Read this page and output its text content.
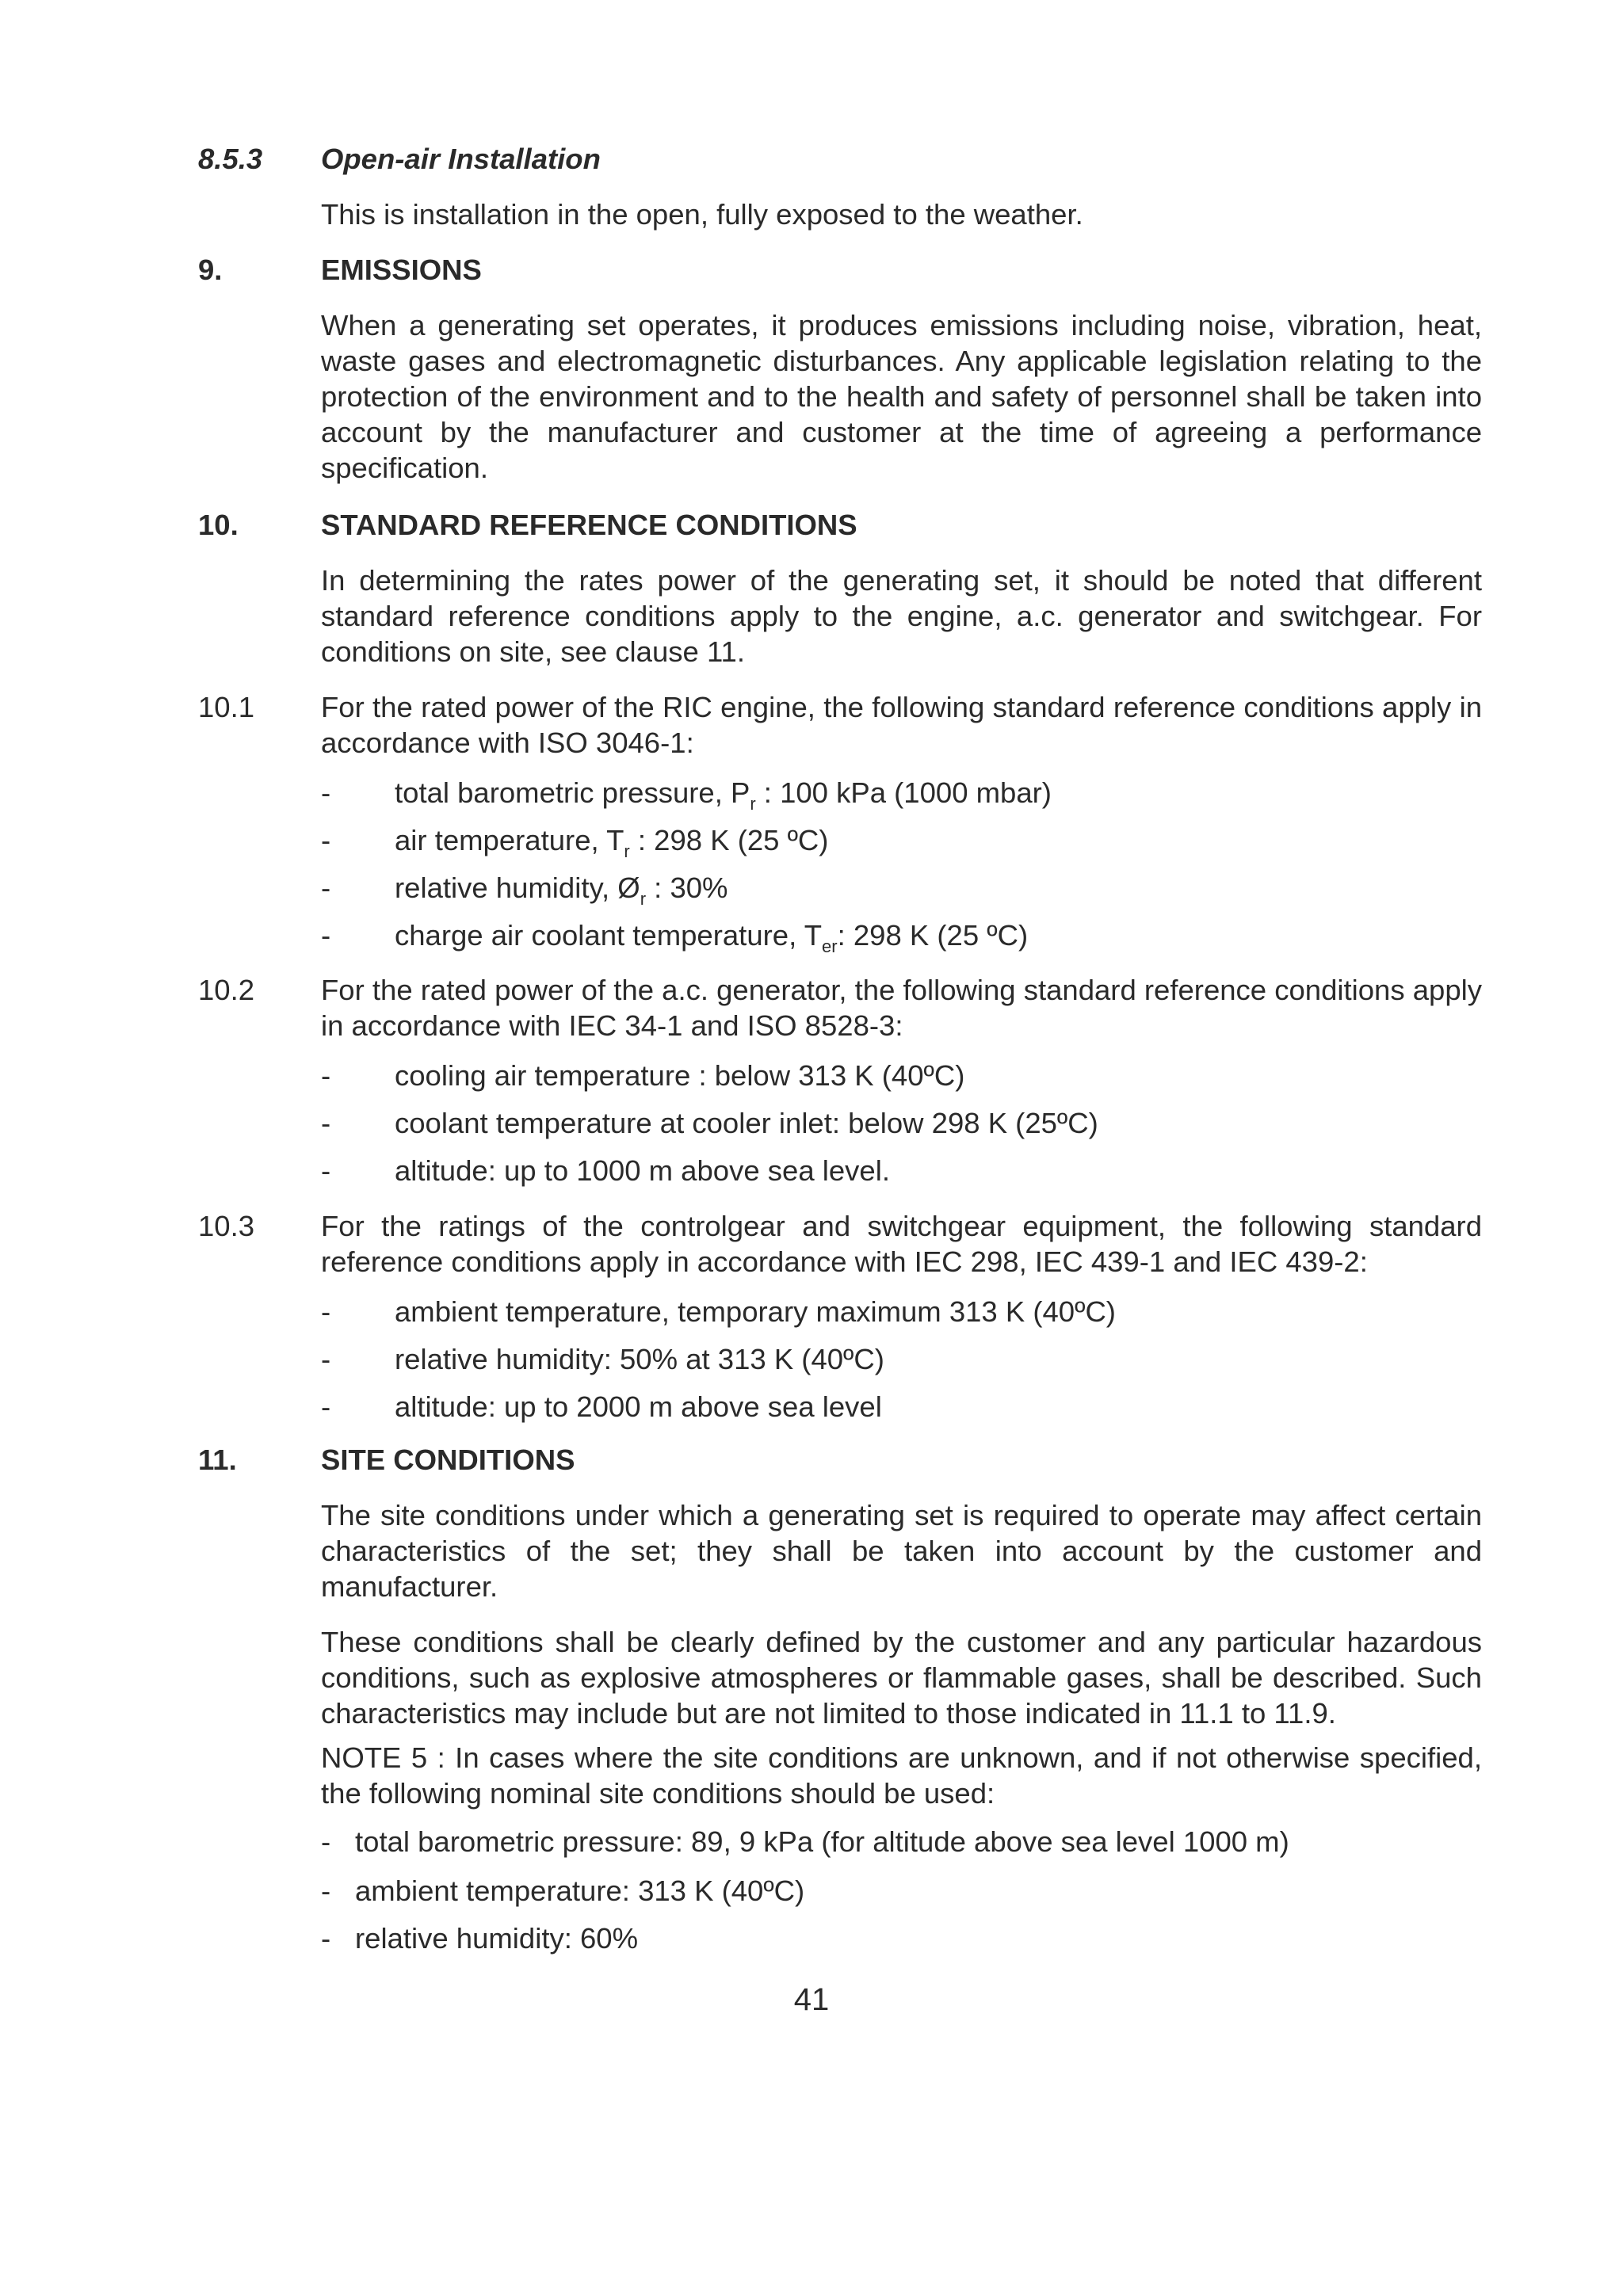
8.5.3 Open-air Installation

This is installation in the open, fully exposed to the weather.

9.	EMISSIONS

When a generating set operates, it produces emissions including noise, vibration, heat, waste gases and electromagnetic disturbances. Any applicable legislation relating to the protection of the environment and to the health and safety of personnel shall be taken into account by the manufacturer and customer at the time of agreeing a performance specification.

10.	STANDARD REFERENCE CONDITIONS

In determining the rates power of the generating set, it should be noted that different standard reference conditions apply to the engine, a.c. generator and switchgear. For conditions on site, see clause 11.

10.1 For the rated power of the RIC engine, the following standard reference conditions apply in accordance with ISO 3046-1:

- total barometric pressure, $P_r$ : 100 kPa (1000 mbar)
- air temperature, $T_r$ : 298 K (25 ºC)
- relative humidity, $Ø_r$ : 30%
- charge air coolant temperature, $T_{er}$: 298 K (25 ºC)
10.2 For the rated power of the a.c. generator, the following standard reference conditions apply in accordance with IEC 34-1 and ISO 8528-3:

- cooling air temperature : below 313 K (40ºC)
- coolant temperature at cooler inlet: below 298 K (25ºC)
- altitude: up to 1000 m above sea level.
10.3 For the ratings of the controlgear and switchgear equipment, the following standard reference conditions apply in accordance with IEC 298, IEC 439-1 and IEC 439-2:

- ambient temperature, temporary maximum 313 K (40ºC)
- relative humidity: 50% at 313 K (40ºC)
- altitude: up to 2000 m above sea level
11.	SITE CONDITIONS

The site conditions under which a generating set is required to operate may affect certain characteristics of the set; they shall be taken into account by the customer and manufacturer.

These conditions shall be clearly defined by the customer and any particular hazardous conditions, such as explosive atmospheres or flammable gases, shall be described. Such characteristics may include but are not limited to those indicated in 11.1 to 11.9.

NOTE 5 : In cases where the site conditions are unknown, and if not otherwise specified, the following nominal site conditions should be used:

- total barometric pressure: 89, 9 kPa (for altitude above sea level 1000 m)
- ambient temperature: 313 K (40ºC)
- relative humidity: 60%
41
